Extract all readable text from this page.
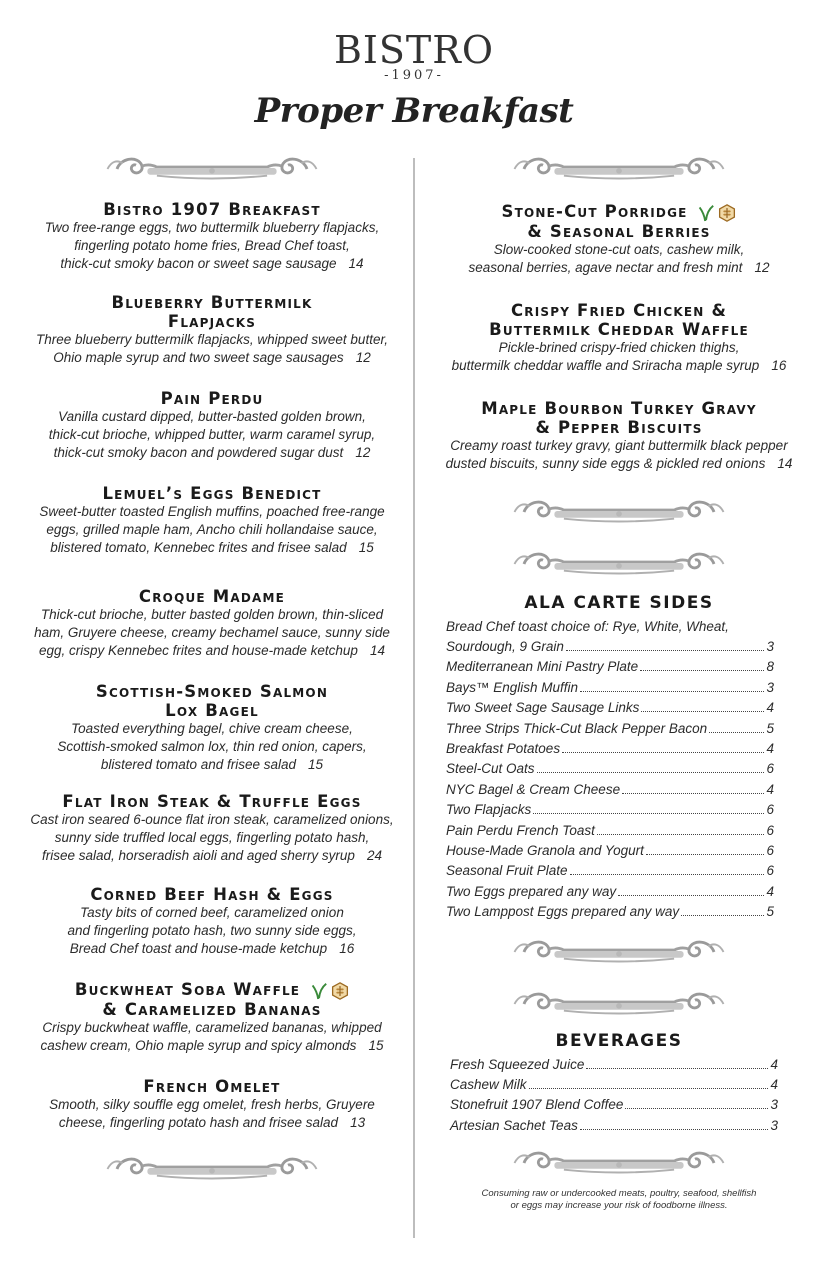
BISTRO
-1907-
Proper Breakfast
Bistro 1907 Breakfast
Two free-range eggs, two buttermilk blueberry flapjacks,
fingerling potato home fries, Bread Chef toast,
thick-cut smoky bacon or sweet sage sausage 14
Blueberry Buttermilk
Flapjacks
Three blueberry buttermilk flapjacks, whipped sweet butter,
Ohio maple syrup and two sweet sage sausages 12
Pain Perdu
Vanilla custard dipped, butter-basted golden brown,
thick-cut brioche, whipped butter, warm caramel syrup,
thick-cut smoky bacon and powdered sugar dust 12
Lemuel’s Eggs Benedict
Sweet-butter toasted English muffins, poached free-range
eggs, grilled maple ham, Ancho chili hollandaise sauce,
blistered tomato, Kennebec frites and frisee salad 15
Croque Madame
Thick-cut brioche, butter basted golden brown, thin-sliced
ham, Gruyere cheese, creamy bechamel sauce, sunny side
egg, crispy Kennebec frites and house-made ketchup 14
Scottish-Smoked Salmon
Lox Bagel
Toasted everything bagel, chive cream cheese,
Scottish-smoked salmon lox, thin red onion, capers,
blistered tomato and frisee salad 15
Flat Iron Steak & Truffle Eggs
Cast iron seared 6-ounce flat iron steak, caramelized onions,
sunny side truffled local eggs, fingerling potato hash,
frisee salad, horseradish aioli and aged sherry syrup 24
Corned Beef Hash & Eggs
Tasty bits of corned beef, caramelized onion
and fingerling potato hash, two sunny side eggs,
Bread Chef toast and house-made ketchup 16
Buckwheat Soba Waffle

& Caramelized Bananas
Crispy buckwheat waffle, caramelized bananas, whipped
cashew cream, Ohio maple syrup and spicy almonds 15
French Omelet
Smooth, silky souffle egg omelet, fresh herbs, Gruyere
cheese, fingerling potato hash and frisee salad 13
Stone-Cut Porridge

& Seasonal Berries
Slow-cooked stone-cut oats, cashew milk,
seasonal berries, agave nectar and fresh mint 12
Crispy Fried Chicken &
Buttermilk Cheddar Waffle
Pickle-brined crispy-fried chicken thighs,
buttermilk cheddar waffle and Sriracha maple syrup 16
Maple Bourbon Turkey Gravy
& Pepper Biscuits
Creamy roast turkey gravy, giant buttermilk black pepper
dusted biscuits, sunny side eggs & pickled red onions 14
ALA CARTE SIDES
Bread Chef toast choice of: Rye, White, Wheat,
Sourdough, 9 Grain	3
Mediterranean Mini Pastry Plate	8
Bays™ English Muffin	3
Two Sweet Sage Sausage Links	4
Three Strips Thick-Cut Black Pepper Bacon	5
Breakfast Potatoes	4
Steel-Cut Oats	6
NYC Bagel & Cream Cheese	4
Two Flapjacks	6
Pain Perdu French Toast	6
House-Made Granola and Yogurt	6
Seasonal Fruit Plate	6
Two Eggs prepared any way	4
Two Lamppost Eggs prepared any way	5
BEVERAGES
Fresh Squeezed Juice	4
Cashew Milk	4
Stonefruit 1907 Blend Coffee	3
Artesian Sachet Teas	3
Consuming raw or undercooked meats, poultry, seafood, shellfish
or eggs may increase your risk of foodborne illness.
